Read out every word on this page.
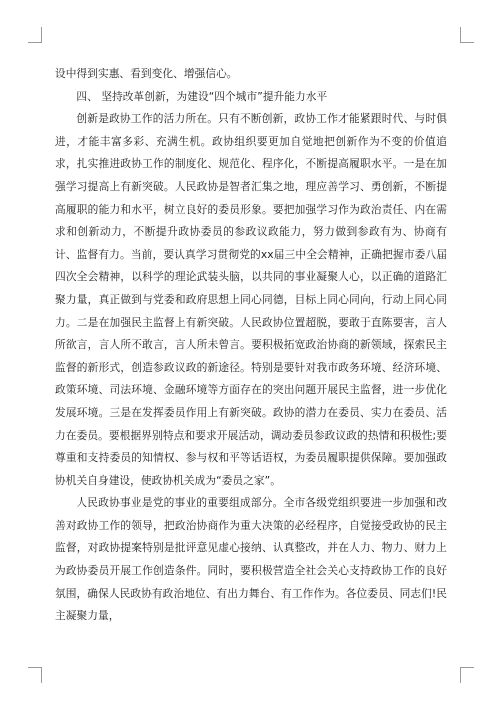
设中得到实惠、看到变化、增强信心。

四、 坚持改革创新，为建设“四个城市”提升能力水平

创新是政协工作的活力所在。只有不断创新，政协工作才能紧跟时代、与时俱进，才能丰富多彩、充满生机。政协组织要更加自觉地把创新作为不变的价值追求，扎实推进政协工作的制度化、规范化、程序化，不断提高履职水平。一是在加强学习提高上有新突破。人民政协是智者汇集之地，理应善学习、勇创新，不断提高履职的能力和水平，树立良好的委员形象。要把加强学习作为政治责任、内在需求和创新动力，不断提升政协委员的参政议政能力，努力做到参政有为、协商有计、监督有力。当前，要认真学习贯彻党的xx届三中全会精神，正确把握市委八届四次全会精神，以科学的理论武装头脑，以共同的事业凝聚人心，以正确的道路汇聚力量，真正做到与党委和政府思想上同心同德，目标上同心同向，行动上同心同力。二是在加强民主监督上有新突破。人民政协位置超脱，要敢于直陈要害，言人所欲言，言人所不敢言，言人所未曾言。要积极拓宽政治协商的新领域，探索民主监督的新形式，创造参政议政的新途径。特别是要针对我市政务环境、经济环境、政策环境、司法环境、金融环境等方面存在的突出问题开展民主监督，进一步优化发展环境。三是在发挥委员作用上有新突破。政协的潜力在委员、实力在委员、活力在委员。要根据界别特点和要求开展活动，调动委员参政议政的热情和积极性;要尊重和支持委员的知情权、参与权和平等话语权，为委员履职提供保障。要加强政协机关自身建设，使政协机关成为“委员之家”。

人民政协事业是党的事业的重要组成部分。全市各级党组织要进一步加强和改善对政协工作的领导，把政治协商作为重大决策的必经程序，自觉接受政协的民主监督，对政协提案特别是批评意见虚心接纳、认真整改，并在人力、物力、财力上为政协委员开展工作创造条件。同时，要积极营造全社会关心支持政协工作的良好氛围，确保人民政协有政治地位、有出力舞台、有工作作为。各位委员、同志们!民主凝聚力量，
